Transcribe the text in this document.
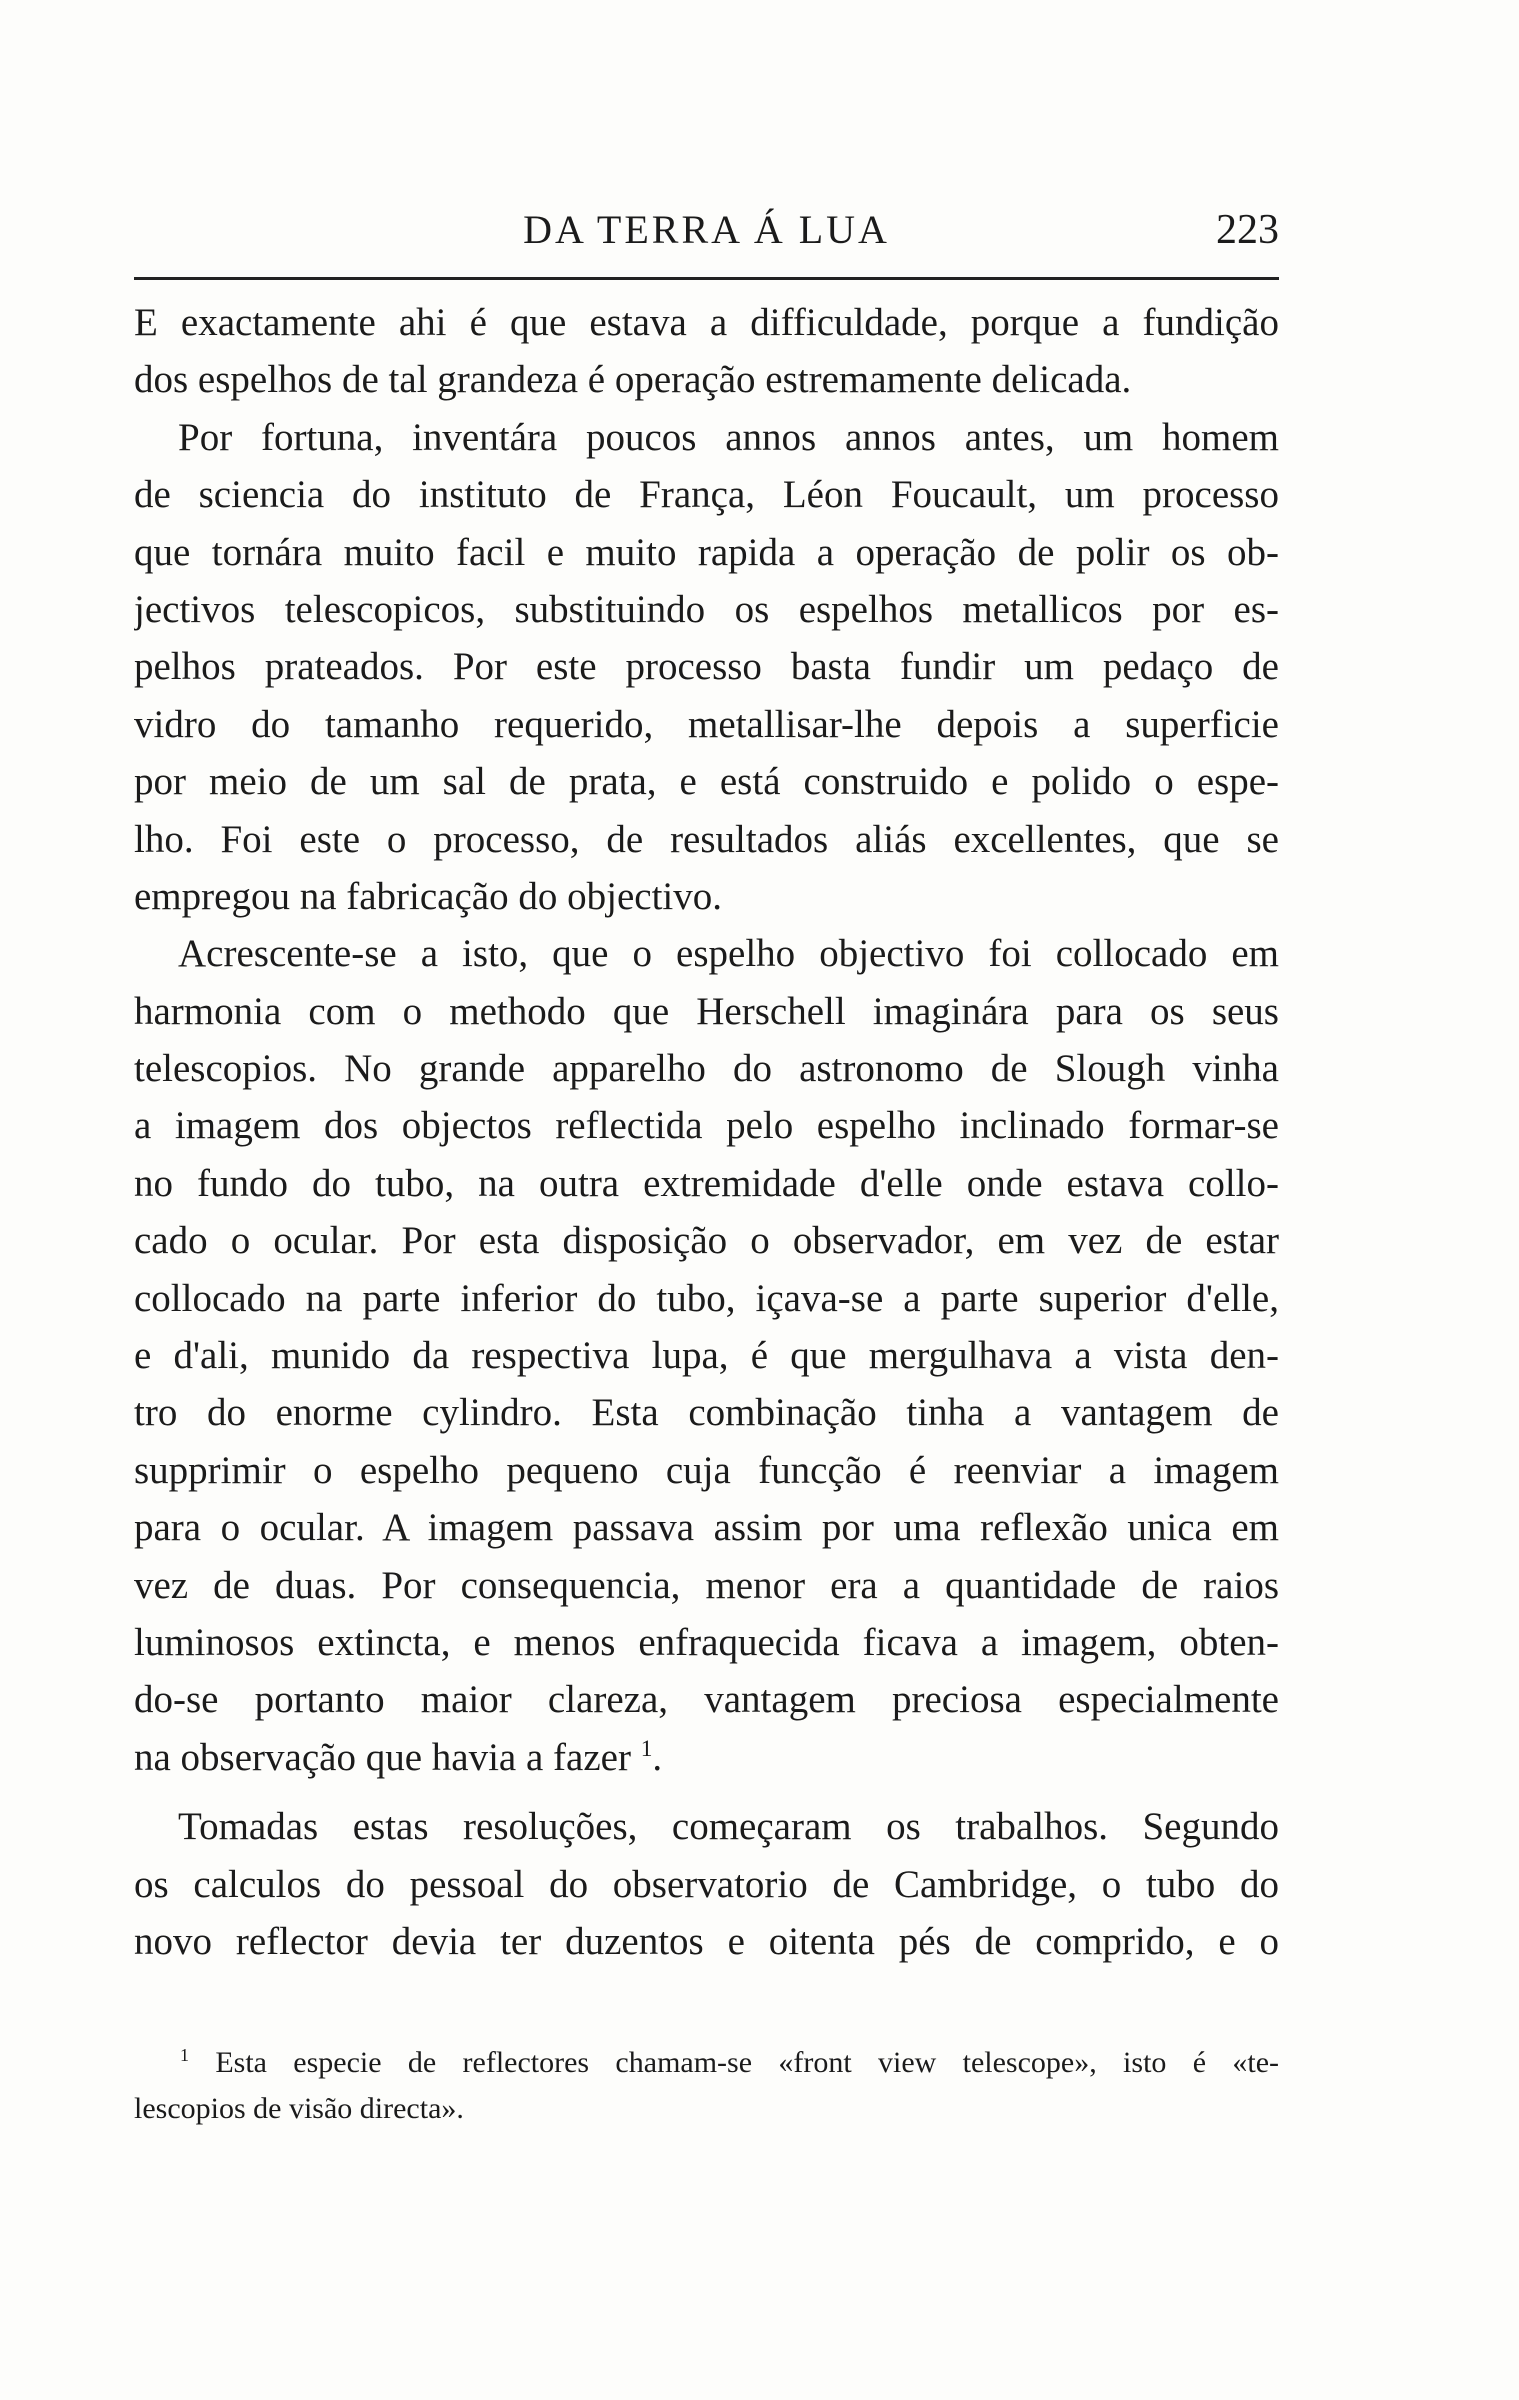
DA TERRA Á LUA	223
E exactamente ahi é que estava a difficuldade, porque a fundição
dos espelhos de tal grandeza é operação estremamente delicada.
Por fortuna, inventára poucos annos annos antes, um homem
de sciencia do instituto de França, Léon Foucault, um processo
que tornára muito facil e muito rapida a operação de polir os ob-
jectivos telescopicos, substituindo os espelhos metallicos por es-
pelhos prateados. Por este processo basta fundir um pedaço de
vidro do tamanho requerido, metallisar-lhe depois a superficie
por meio de um sal de prata, e está construido e polido o espe-
lho. Foi este o processo, de resultados aliás excellentes, que se
empregou na fabricação do objectivo.
Acrescente-se a isto, que o espelho objectivo foi collocado em
harmonia com o methodo que Herschell imaginára para os seus
telescopios. No grande apparelho do astronomo de Slough vinha
a imagem dos objectos reflectida pelo espelho inclinado formar-se
no fundo do tubo, na outra extremidade d'elle onde estava collo-
cado o ocular. Por esta disposição o observador, em vez de estar
collocado na parte inferior do tubo, içava-se a parte superior d'elle,
e d'ali, munido da respectiva lupa, é que mergulhava a vista den-
tro do enorme cylindro. Esta combinação tinha a vantagem de
supprimir o espelho pequeno cuja funcção é reenviar a imagem
para o ocular. A imagem passava assim por uma reflexão unica em
vez de duas. Por consequencia, menor era a quantidade de raios
luminosos extincta, e menos enfraquecida ficava a imagem, obten-
do-se portanto maior clareza, vantagem preciosa especialmente
na observação que havia a fazer $^1$.
Tomadas estas resoluções, começaram os trabalhos. Segundo
os calculos do pessoal do observatorio de Cambridge, o tubo do
novo reflector devia ter duzentos e oitenta pés de comprido, e o
$^1$ Esta especie de reflectores chamam-se «front view telescope», isto é «te-
lescopios de visão directa».
